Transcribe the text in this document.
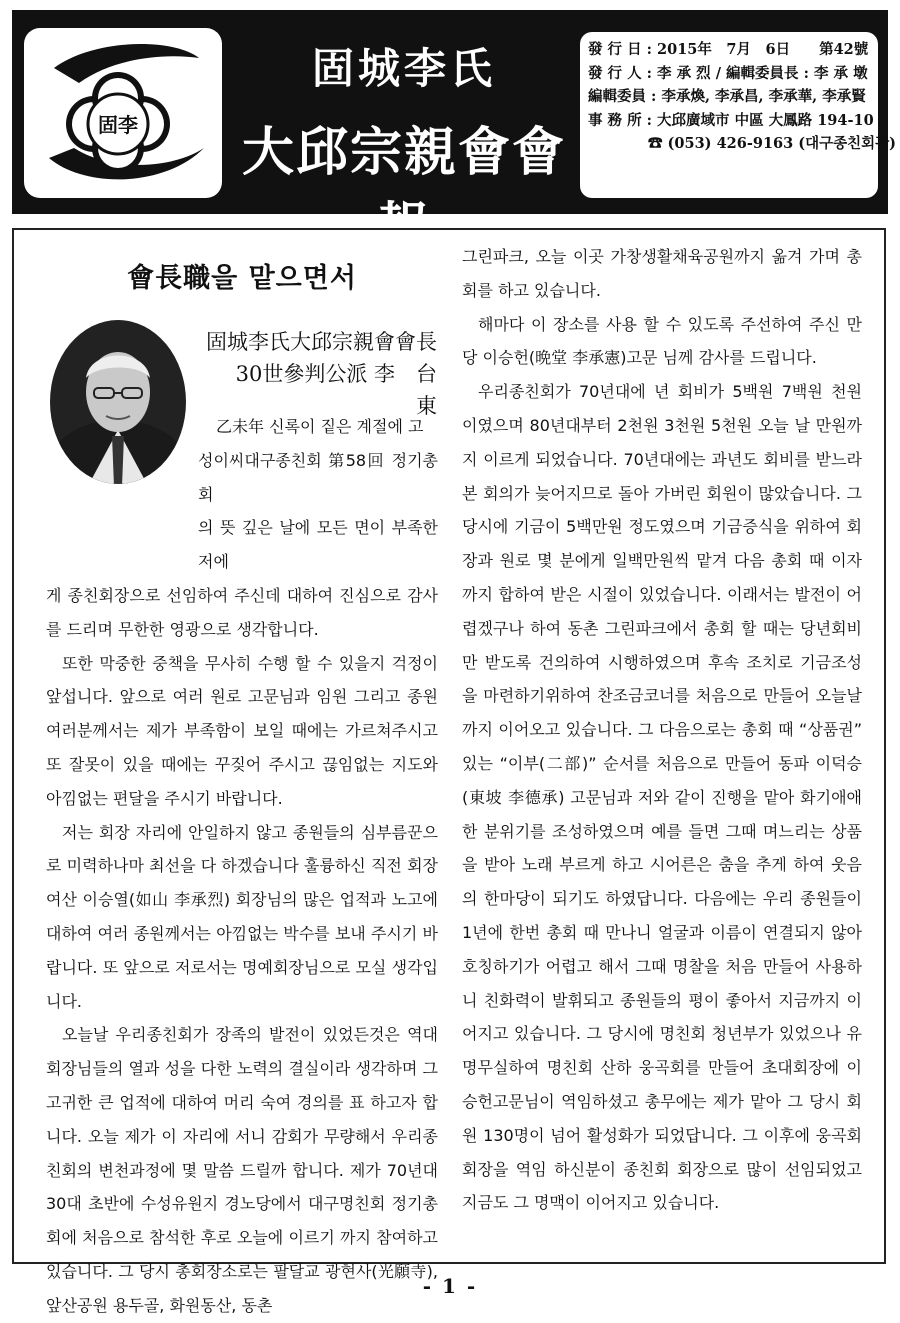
固李
固城李氏
大邱宗親會會報
發 行 日 : 2015年　7月　6日　　第42號
發 行 人 : 李 承 烈 / 編輯委員長 : 李 承 墩
編輯委員 : 李承煥, 李承昌, 李承華, 李承賢
事 務 所 : 大邱廣域市 中區 大鳳路 194-10
☎ (053) 426-9163 (대구종친회관)
會長職을 맡으면서
固城李氏大邱宗親會會長
30世參判公派 李　台　東
乙未年 신록이 짙은 계절에 고
성이씨대구종친회 第58回 정기총회
의 뜻 깊은 날에 모든 면이 부족한 저에

게 종친회장으로 선임하여 주신데 대하여 진심으로 감사를 드리며 무한한 영광으로 생각합니다.

또한 막중한 중책을 무사히 수행 할 수 있을지 걱정이 앞섭니다. 앞으로 여러 원로 고문님과 임원 그리고 종원 여러분께서는 제가 부족함이 보일 때에는 가르쳐주시고 또 잘못이 있을 때에는 꾸짖어 주시고 끊임없는 지도와 아낌없는 편달을 주시기 바랍니다.

저는 회장 자리에 안일하지 않고 종원들의 심부름꾼으로 미력하나마 최선을 다 하겠습니다 훌륭하신 직전 회장 여산 이승열(如山 李承烈) 회장님의 많은 업적과 노고에 대하여 여러 종원께서는 아낌없는 박수를 보내 주시기 바랍니다. 또 앞으로 저로서는 명예회장님으로 모실 생각입니다.

오늘날 우리종친회가 장족의 발전이 있었든것은 역대회장님들의 열과 성을 다한 노력의 결실이라 생각하며 그 고귀한 큰 업적에 대하여 머리 숙여 경의를 표 하고자 합니다. 오늘 제가 이 자리에 서니 감회가 무량해서 우리종친회의 변천과정에 몇 말씀 드릴까 합니다. 제가 70년대 30대 초반에 수성유원지 경노당에서 대구명친회 정기총회에 처음으로 참석한 후로 오늘에 이르기 까지 참여하고 있습니다. 그 당시 총회장소로는 팔달교 광현사(光願寺), 앞산공원 용두골, 화원동산, 동촌

그린파크, 오늘 이곳 가창생활채육공원까지 옮겨 가며 총회를 하고 있습니다.

해마다 이 장소를 사용 할 수 있도록 주선하여 주신 만당 이승헌(晩堂 李承憲)고문 님께 감사를 드립니다.

우리종친회가 70년대에 년 회비가 5백원 7백원 천원 이였으며 80년대부터 2천원 3천원 5천원 오늘 날 만원까지 이르게 되었습니다. 70년대에는 과년도 회비를 받느라 본 회의가 늦어지므로 돌아 가버린 회원이 많았습니다. 그 당시에 기금이 5백만원 정도였으며 기금증식을 위하여 회장과 원로 몇 분에게 일백만원씩 맡겨 다음 총회 때 이자까지 합하여 받은 시절이 있었습니다. 이래서는 발전이 어렵겠구나 하여 동촌 그린파크에서 총회 할 때는 당년회비만 받도록 건의하여 시행하였으며 후속 조치로 기금조성을 마련하기위하여 찬조금코너를 처음으로 만들어 오늘날 까지 이어오고 있습니다. 그 다음으로는 총회 때 “상품권” 있는 “이부(二部)” 순서를 처음으로 만들어 동파 이덕승(東坡 李德承) 고문님과 저와 같이 진행을 맡아 화기애애한 분위기를 조성하였으며 예를 들면 그때 며느리는 상품을 받아 노래 부르게 하고 시어른은 춤을 추게 하여 웃음의 한마당이 되기도 하였답니다. 다음에는 우리 종원들이 1년에 한번 총회 때 만나니 얼굴과 이름이 연결되지 않아 호칭하기가 어렵고 해서 그때 명찰을 처음 만들어 사용하니 친화력이 발휘되고 종원들의 평이 좋아서 지금까지 이어지고 있습니다. 그 당시에 명친회 청년부가 있었으나 유명무실하여 명친회 산하 웅곡회를 만들어 초대회장에 이승헌고문님이 역임하셨고 총무에는 제가 맡아 그 당시 회원 130명이 넘어 활성화가 되었답니다. 그 이후에 웅곡회 회장을 역임 하신분이 종친회 회장으로 많이 선임되었고 지금도 그 명맥이 이어지고 있습니다.

- 1 -
